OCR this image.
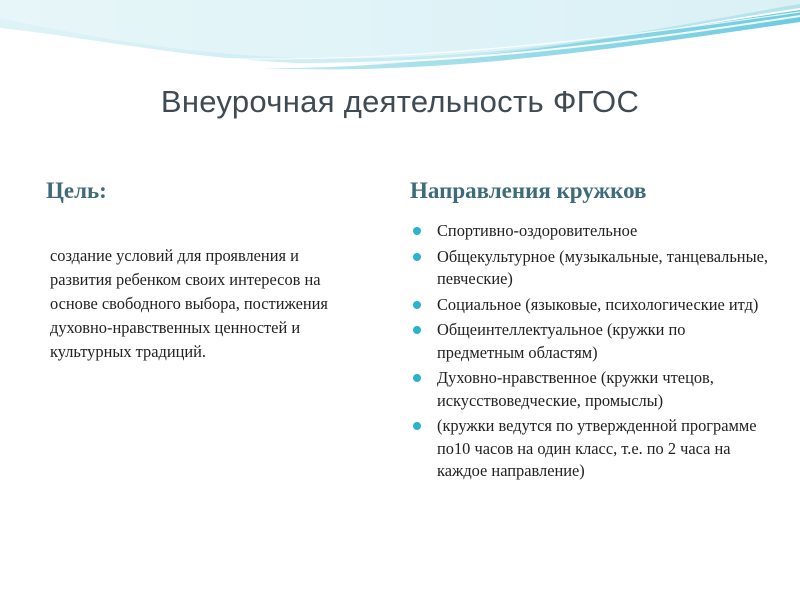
Внеурочная деятельность ФГОС
Цель:

создание условий для проявления и развития ребенком своих интересов на основе свободного выбора, постижения духовно-нравственных ценностей и культурных традиций.

Направления кружков
Спортивно-оздоровительное
Общекультурное (музыкальные, танцевальные, певческие)
Социальное (языковые, психологические итд)
Общеинтеллектуальное (кружки по предметным областям)
Духовно-нравственное (кружки чтецов, искусствоведческие, промыслы)
(кружки ведутся по утвержденной программе по10 часов на один класс, т.е. по 2 часа на каждое направление)
